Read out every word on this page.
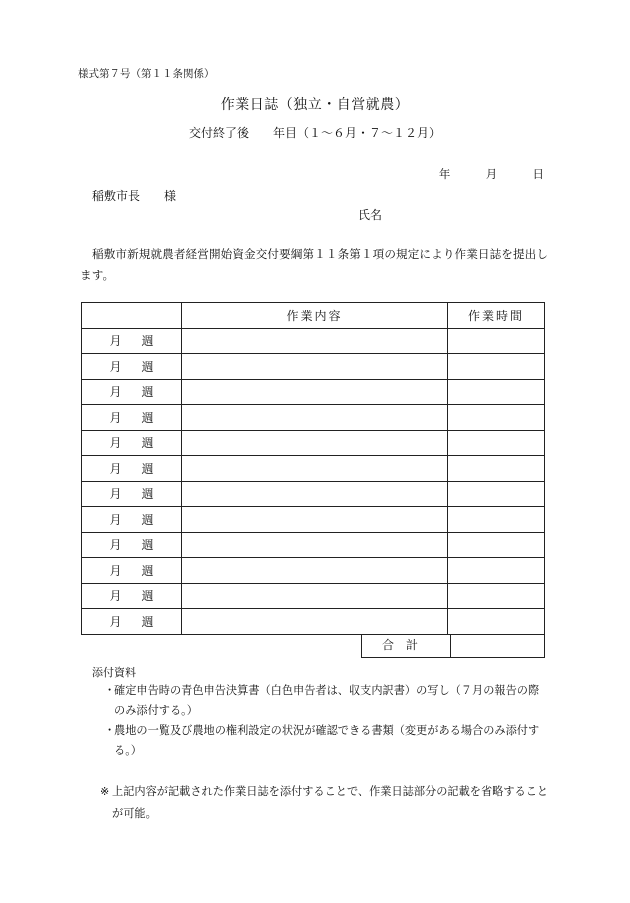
様式第７号（第１１条関係）
作業日誌（独立・自営就農）
交付終了後　　年目（１～６月・７～１２月）
年	月	日
稲敷市長　　様
氏名
稲敷市新規就農者経営開始資金交付要綱第１１条第１項の規定により作業日誌を提出します。
	作業内容	作業時間
月 週		
月 週		
月 週		
月 週		
月 週		
月 週		
月 週		
月 週		
月 週		
月 週		
月 週		
月 週		
合計
添付資料
・
確定申告時の青色申告決算書（白色申告者は、収支内訳書）の写し（７月の報告の際のみ添付する。）
・
農地の一覧及び農地の権利設定の状況が確認できる書類（変更がある場合のみ添付する。）
※ 上記内容が記載された作業日誌を添付することで、作業日誌部分の記載を省略することが可能。
